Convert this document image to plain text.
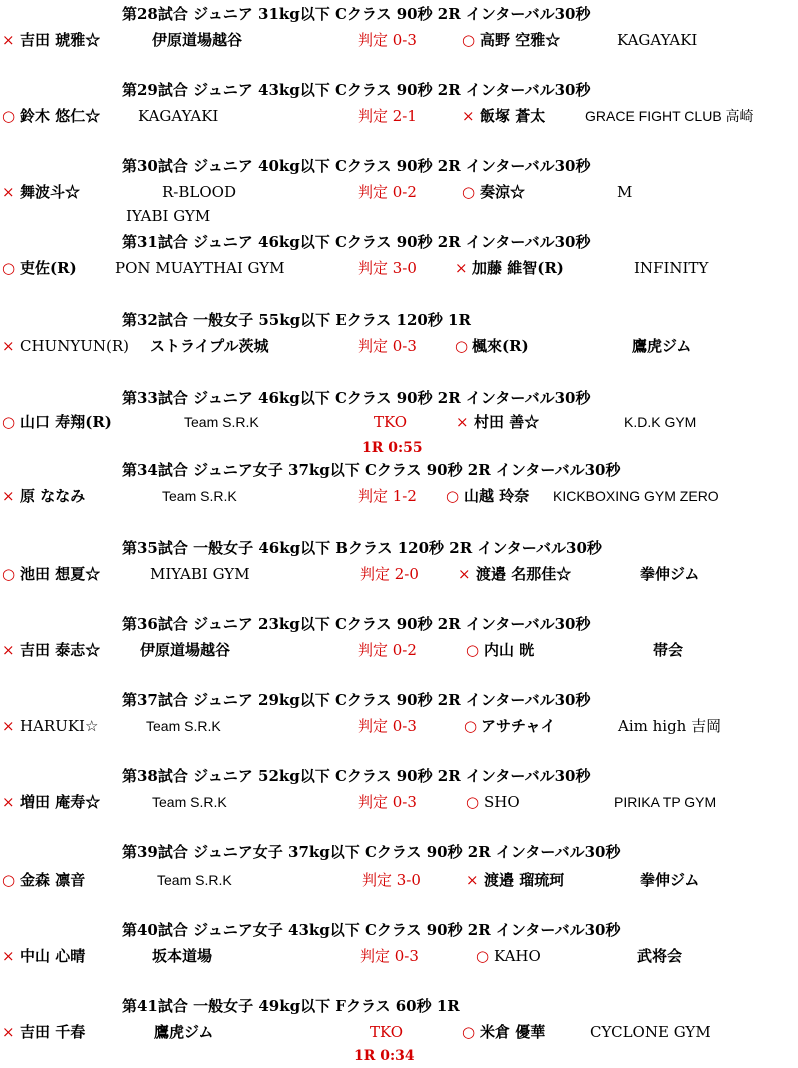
第28試合 ジュニア 31kg以下 Cクラス 90秒 2R インターバル30秒
× 吉田 琥雅☆	伊原道場越谷	判定 0-3	○ 高野 空雅☆	KAGAYAKI
第29試合 ジュニア 43kg以下 Cクラス 90秒 2R インターバル30秒
○ 鈴木 悠仁☆	KAGAYAKI	判定 2-1	× 飯塚 蒼太	GRACE FIGHT CLUB 高崎
第30試合 ジュニア 40kg以下 Cクラス 90秒 2R インターバル30秒
× 舞波斗☆	R-BLOOD	判定 0-2	○ 奏涼☆	M
IYABI GYM
第31試合 ジュニア 46kg以下 Cクラス 90秒 2R インターバル30秒
○ 吏佐(R)	PON MUAYTHAI GYM	判定 3-0	× 加藤 維智(R)	INFINITY
第32試合 一般女子 55kg以下 Eクラス 120秒 1R
× CHUNYUN(R) ストライプル茨城	判定 0-3	○ 楓來(R)	鷹虎ジム
第33試合 ジュニア 46kg以下 Cクラス 90秒 2R インターバル30秒
○ 山口 寿翔(R)	Team S.R.K	TKO	× 村田 善☆	K.D.K GYM
1R 0:55
第34試合 ジュニア女子 37kg以下 Cクラス 90秒 2R インターバル30秒
× 原 ななみ	Team S.R.K	判定 1-2 ○ 山越 玲奈 KICKBOXING GYM ZERO
第35試合 一般女子 46kg以下 Bクラス 120秒 2R インターバル30秒
○ 池田 想夏☆	MIYABI GYM	判定 2-0	× 渡邉 名那佳☆	拳伸ジム
第36試合 ジュニア 23kg以下 Cクラス 90秒 2R インターバル30秒
× 吉田 泰志☆	伊原道場越谷	判定 0-2	○ 内山 晄	帯会
第37試合 ジュニア 29kg以下 Cクラス 90秒 2R インターバル30秒
× HARUKI☆	Team S.R.K	判定 0-3	○ アサチャイ	Aim high 吉岡
第38試合 ジュニア 52kg以下 Cクラス 90秒 2R インターバル30秒
× 増田 庵寿☆	Team S.R.K	判定 0-3	○ SHO	PIRIKA TP GYM
第39試合 ジュニア女子 37kg以下 Cクラス 90秒 2R インターバル30秒
○ 金森 凛音	Team S.R.K	判定 3-0	× 渡邉 瑠琉珂	拳伸ジム
第40試合 ジュニア女子 43kg以下 Cクラス 90秒 2R インターバル30秒
× 中山 心晴	坂本道場	判定 0-3	○ KAHO	武将会
第41試合 一般女子 49kg以下 Fクラス 60秒 1R
× 吉田 千春	鷹虎ジム	TKO	○ 米倉 優華	CYCLONE GYM
1R 0:34
